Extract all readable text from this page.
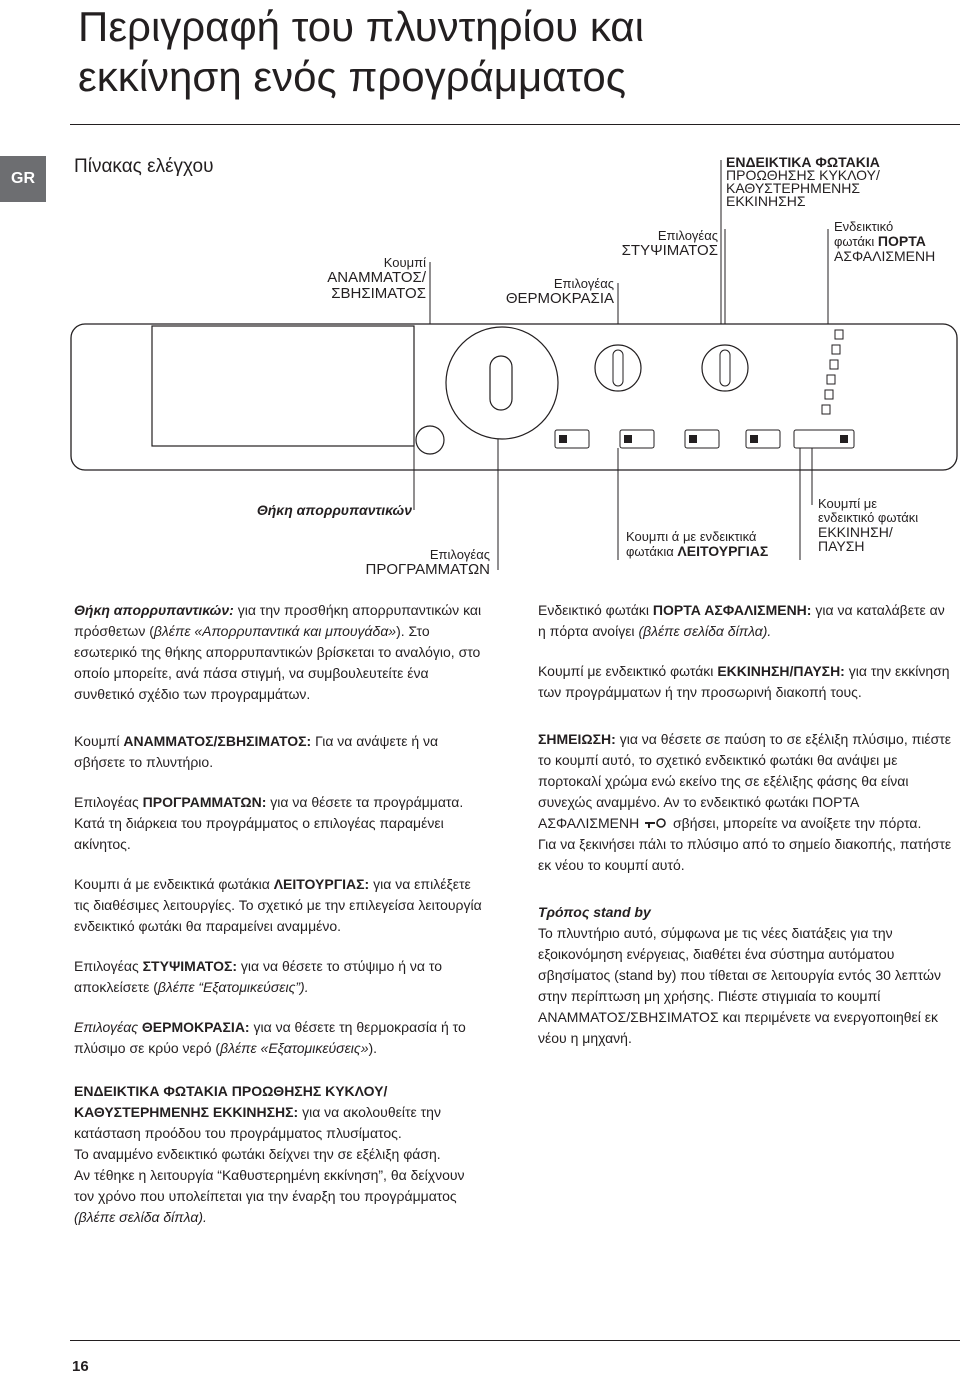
Περιγραφή του πλυντηρίου και
εκκίνηση ενός προγράμματος
GR
Πίνακας ελέγχου
Κουμπί
ΑΝΑΜΜΑΤΟΣ/
ΣΒΗΣΙΜΑΤΟΣ
Επιλογέας
ΘΕΡΜΟΚΡΑΣΙΑ
Επιλογέας
ΣΤΥΨΙΜΑΤΟΣ
ΕΝΔΕΙΚΤΙΚΑ ΦΩΤΑΚΙΑ
ΠΡΟΩΘΗΣΗΣ ΚΥΚΛΟΥ/
ΚΑΘΥΣΤΕΡΗΜΕΝΗΣ
ΕΚΚΙΝΗΣΗΣ
Ενδεικτικό
φωτάκι ΠΟΡΤΑ
ΑΣΦΑΛΙΣΜΕΝΗ
Θήκη απορρυπαντικών
Επιλογέας
ΠΡΟΓΡΑΜΜΑΤΩΝ
Κουμπι ά με ενδεικτικά
φωτάκια ΛΕΙΤΟΥΡΓΙΑΣ
Κουμπί με
ενδεικτικό φωτάκι
ΕΚΚΙΝΗΣΗ/
ΠΑΥΣΗ

Θήκη απορρυπαντικών: για την προσθήκη απορρυπαντικών και πρόσθετων (βλέπε «Απορρυπαντικά και μπουγάδα»). Στο εσωτερικό της θήκης απορρυπαντικών βρίσκεται το αναλόγιο, στο οποίο μπορείτε, ανά πάσα στιγμή, να συμβουλευτείτε ένα συνθετικό σχέδιο των προγραμμάτων.

Κουμπί ΑΝΑΜΜΑΤΟΣ/ΣΒΗΣΙΜΑΤΟΣ: Για να ανάψετε ή να σβήσετε το πλυντήριο.

Επιλογέας ΠΡΟΓΡΑΜΜΑΤΩΝ: για να θέσετε τα προγράμματα. Κατά τη διάρκεια του προγράμματος ο επιλογέας παραμένει ακίνητος.

Κουμπι ά με ενδεικτικά φωτάκια ΛΕΙΤΟΥΡΓΙΑΣ: για να επιλέξετε τις διαθέσιμες λειτουργίες. Το σχετικό με την επιλεγείσα λειτουργία ενδεικτικό φωτάκι θα παραμείνει αναμμένο.

Επιλογέας ΣΤΥΨΙΜΑΤΟΣ: για να θέσετε το στύψιμο ή να το αποκλείσετε (βλέπε “Εξατομικεύσεις”).

Επιλογέας ΘΕΡΜΟΚΡΑΣΙΑ: για να θέσετε τη θερμοκρασία ή το πλύσιμο σε κρύο νερό (βλέπε «Εξατομικεύσεις»).

ΕΝΔΕΙΚΤΙΚΑ ΦΩΤΑΚΙΑ ΠΡΟΩΘΗΣΗΣ ΚΥΚΛΟΥ/ ΚΑΘΥΣΤΕΡΗΜΕΝΗΣ ΕΚΚΙΝΗΣΗΣ: για να ακολουθείτε την κατάσταση προόδου του προγράμματος πλυσίματος.
Το αναμμένο ενδεικτικό φωτάκι δείχνει την σε εξέλιξη φάση.
Αν τέθηκε η λειτουργία “Καθυστερημένη εκκίνηση”, θα δείχνουν τον χρόνο που υπολείπεται για την έναρξη του προγράμματος (βλέπε σελίδα δίπλα).

Ενδεικτικό φωτάκι ΠΟΡΤΑ ΑΣΦΑΛΙΣΜΕΝΗ: για να καταλάβετε αν η πόρτα ανοίγει (βλέπε σελίδα δίπλα).

Κουμπί με ενδεικτικό φωτάκι ΕΚΚΙΝΗΣΗ/ΠΑΥΣΗ: για την εκκίνηση των προγράμματων ή την προσωρινή διακοπή τους.

ΣΗΜΕΙΩΣΗ: για να θέσετε σε παύση το σε εξέλιξη πλύσιμο, πιέστε το κουμπί αυτό, το σχετικό ενδεικτικό φωτάκι θα ανάψει με πορτοκαλί χρώμα ενώ εκείνο της σε εξέλιξης φάσης θα είναι συνεχώς αναμμένο. Αν το ενδεικτικό φωτάκι ΠΟΡΤΑ ΑΣΦΑΛΙΣΜΕΝΗ  σβήσει, μπορείτε να ανοίξετε την πόρτα.
Για να ξεκινήσει πάλι το πλύσιμο από το σημείο διακοπής, πατήστε εκ νέου το κουμπί αυτό.

Τρόπος stand by
Το πλυντήριο αυτό, σύμφωνα με τις νέες διατάξεις για την εξοικονόμηση ενέργειας, διαθέτει ένα σύστημα αυτόματου σβησίματος (stand by) που τίθεται σε λειτουργία εντός 30 λεπτών στην περίπτωση μη χρήσης. Πιέστε στιγμιαία το κουμπί ΑΝΑΜΜΑΤΟΣ/ΣΒΗΣΙΜΑΤΟΣ και περιμένετε να ενεργοποιηθεί εκ νέου η μηχανή.

16
